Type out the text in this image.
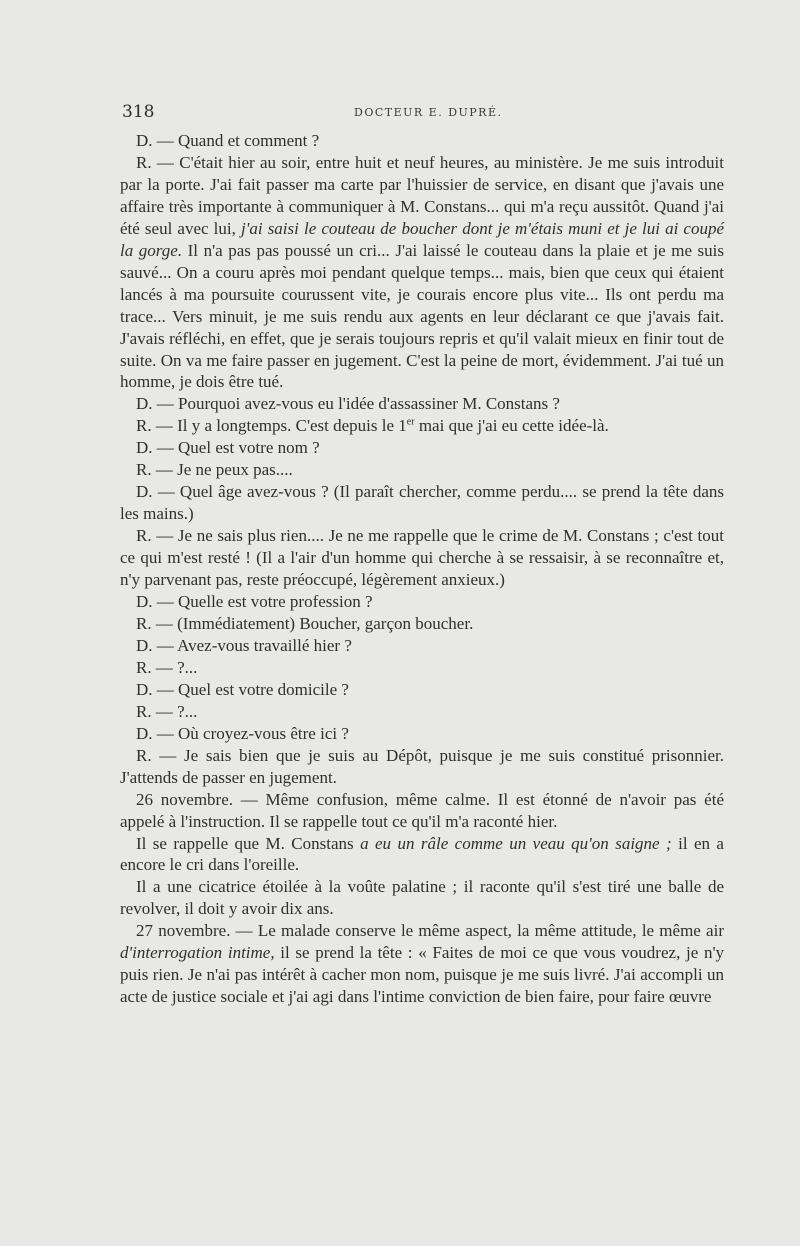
318	DOCTEUR E. DUPRÉ.

D. — Quand et comment ?

R. — C'était hier au soir, entre huit et neuf heures, au ministère. Je me suis introduit par la porte. J'ai fait passer ma carte par l'huissier de service, en disant que j'avais une affaire très importante à communiquer à M. Constans... qui m'a reçu aussitôt. Quand j'ai été seul avec lui, j'ai saisi le couteau de boucher dont je m'étais muni et je lui ai coupé la gorge. Il n'a pas pas poussé un cri... J'ai laissé le couteau dans la plaie et je me suis sauvé... On a couru après moi pendant quelque temps... mais, bien que ceux qui étaient lancés à ma poursuite courussent vite, je courais encore plus vite... Ils ont perdu ma trace... Vers minuit, je me suis rendu aux agents en leur déclarant ce que j'avais fait. J'avais réfléchi, en effet, que je serais toujours repris et qu'il valait mieux en finir tout de suite. On va me faire passer en jugement. C'est la peine de mort, évidemment. J'ai tué un homme, je dois être tué.

D. — Pourquoi avez-vous eu l'idée d'assassiner M. Constans ?

R. — Il y a longtemps. C'est depuis le 1er mai que j'ai eu cette idée-là.

D. — Quel est votre nom ?

R. — Je ne peux pas....

D. — Quel âge avez-vous ? (Il paraît chercher, comme perdu.... se prend la tête dans les mains.)

R. — Je ne sais plus rien.... Je ne me rappelle que le crime de M. Constans ; c'est tout ce qui m'est resté ! (Il a l'air d'un homme qui cherche à se ressaisir, à se reconnaître et, n'y parvenant pas, reste préoccupé, légèrement anxieux.)

D. — Quelle est votre profession ?

R. — (Immédiatement) Boucher, garçon boucher.

D. — Avez-vous travaillé hier ?

R. — ?...

D. — Quel est votre domicile ?

R. — ?...

D. — Où croyez-vous être ici ?

R. — Je sais bien que je suis au Dépôt, puisque je me suis constitué prisonnier. J'attends de passer en jugement.

26 novembre. — Même confusion, même calme. Il est étonné de n'avoir pas été appelé à l'instruction. Il se rappelle tout ce qu'il m'a raconté hier.

Il se rappelle que M. Constans a eu un râle comme un veau qu'on saigne ; il en a encore le cri dans l'oreille.

Il a une cicatrice étoilée à la voûte palatine ; il raconte qu'il s'est tiré une balle de revolver, il doit y avoir dix ans.

27 novembre. — Le malade conserve le même aspect, la même attitude, le même air d'interrogation intime, il se prend la tête : « Faites de moi ce que vous voudrez, je n'y puis rien. Je n'ai pas intérêt à cacher mon nom, puisque je me suis livré. J'ai accompli un acte de justice sociale et j'ai agi dans l'intime conviction de bien faire, pour faire œuvre
